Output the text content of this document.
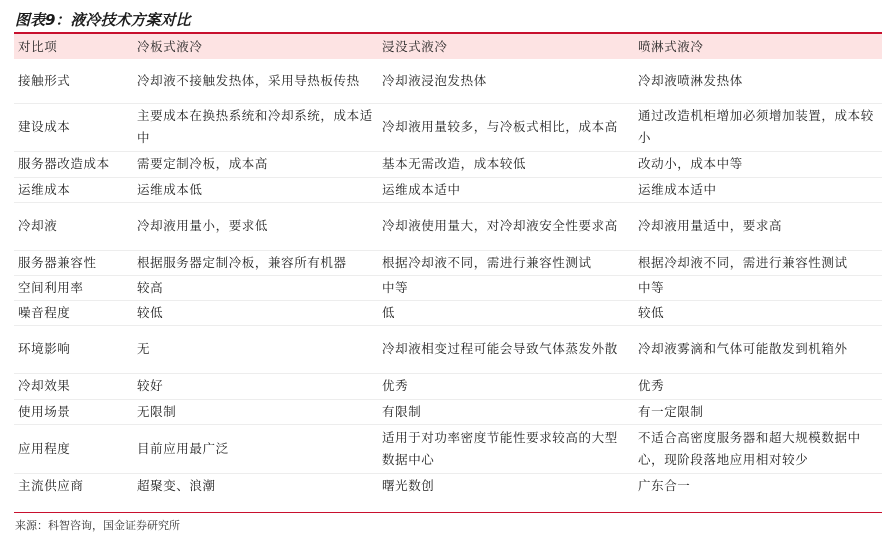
图表9：液冷技术方案对比
对比项	冷板式液冷	浸没式液冷	喷淋式液冷
接触形式	冷却液不接触发热体，采用导热板传热	冷却液浸泡发热体	冷却液喷淋发热体
建设成本	主要成本在换热系统和冷却系统，成本适中	冷却液用量较多，与冷板式相比，成本高	通过改造机柜增加必须增加装置，成本较小
服务器改造成本	需要定制冷板，成本高	基本无需改造，成本较低	改动小，成本中等
运维成本	运维成本低	运维成本适中	运维成本适中
冷却液	冷却液用量小，要求低	冷却液使用量大，对冷却液安全性要求高	冷却液用量适中，要求高
服务器兼容性	根据服务器定制冷板，兼容所有机器	根据冷却液不同，需进行兼容性测试	根据冷却液不同，需进行兼容性测试
空间利用率	较高	中等	中等
噪音程度	较低	低	较低
环境影响	无	冷却液相变过程可能会导致气体蒸发外散	冷却液雾滴和气体可能散发到机箱外
冷却效果	较好	优秀	优秀
使用场景	无限制	有限制	有一定限制
应用程度	目前应用最广泛	适用于对功率密度节能性要求较高的大型数据中心	不适合高密度服务器和超大规模数据中心，现阶段落地应用相对较少
主流供应商	超聚变、浪潮	曙光数创	广东合一
来源：科智咨询，国金证券研究所
